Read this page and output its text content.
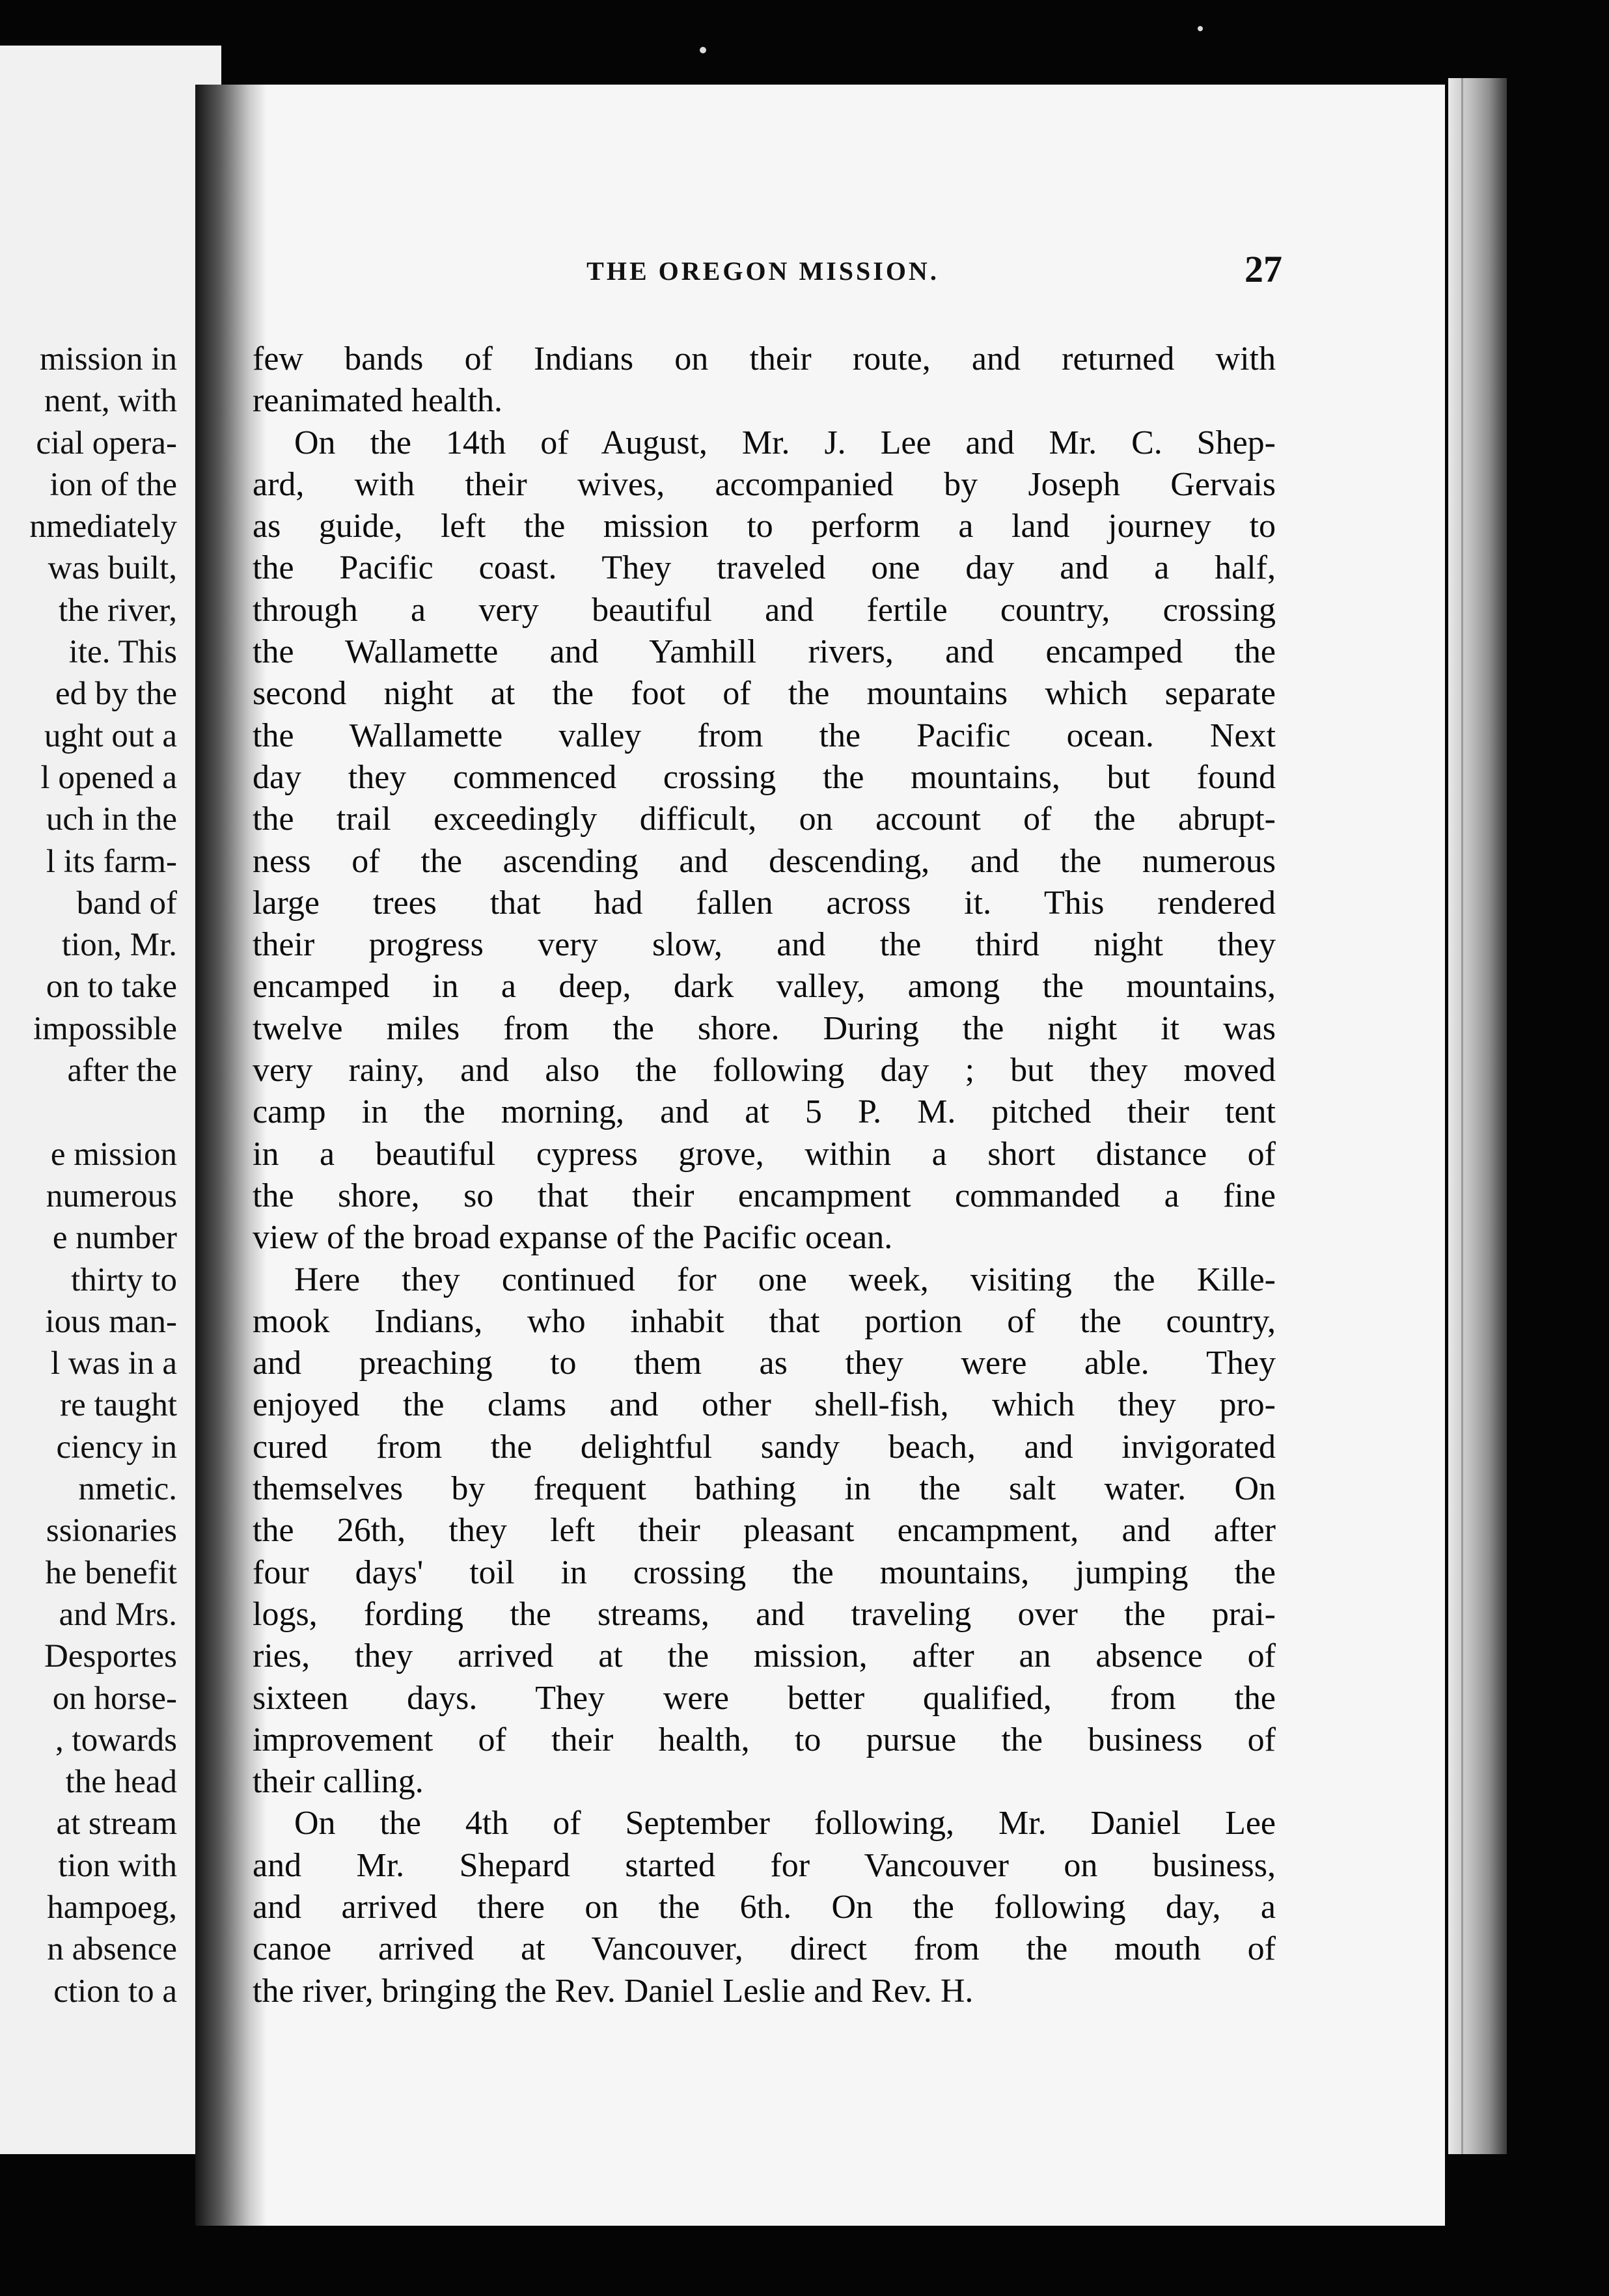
mission in
nent, with
cial opera-
ion of the
nmediately
was built,
the river,
ite. This
ed by the
ught out a
l opened a
uch in the
l its farm-
band of
tion, Mr.
on to take
impossible
after the
e mission
numerous
e number
thirty to
ious man-
l was in a
re taught
ciency in
nmetic.
ssionaries
he benefit
and Mrs.
Desportes
on horse-
, towards
the head
at stream
tion with
hampoeg,
n absence
ction to a
THE OREGON MISSION.	27
few bands of Indians on their route, and returned with
reanimated health.
On the 14th of August, Mr. J. Lee and Mr. C. Shep-
ard, with their wives, accompanied by Joseph Gervais
as guide, left the mission to perform a land journey to
the Pacific coast. They traveled one day and a half,
through a very beautiful and fertile country, crossing
the Wallamette and Yamhill rivers, and encamped the
second night at the foot of the mountains which separate
the Wallamette valley from the Pacific ocean. Next
day they commenced crossing the mountains, but found
the trail exceedingly difficult, on account of the abrupt-
ness of the ascending and descending, and the numerous
large trees that had fallen across it. This rendered
their progress very slow, and the third night they
encamped in a deep, dark valley, among the mountains,
twelve miles from the shore. During the night it was
very rainy, and also the following day ; but they moved
camp in the morning, and at 5 P. M. pitched their tent
in a beautiful cypress grove, within a short distance of
the shore, so that their encampment commanded a fine
view of the broad expanse of the Pacific ocean.
Here they continued for one week, visiting the Kille-
mook Indians, who inhabit that portion of the country,
and preaching to them as they were able. They
enjoyed the clams and other shell-fish, which they pro-
cured from the delightful sandy beach, and invigorated
themselves by frequent bathing in the salt water. On
the 26th, they left their pleasant encampment, and after
four days' toil in crossing the mountains, jumping the
logs, fording the streams, and traveling over the prai-
ries, they arrived at the mission, after an absence of
sixteen days. They were better qualified, from the
improvement of their health, to pursue the business of
their calling.
On the 4th of September following, Mr. Daniel Lee
and Mr. Shepard started for Vancouver on business,
and arrived there on the 6th. On the following day, a
canoe arrived at Vancouver, direct from the mouth of
the river, bringing the Rev. Daniel Leslie and Rev. H.
